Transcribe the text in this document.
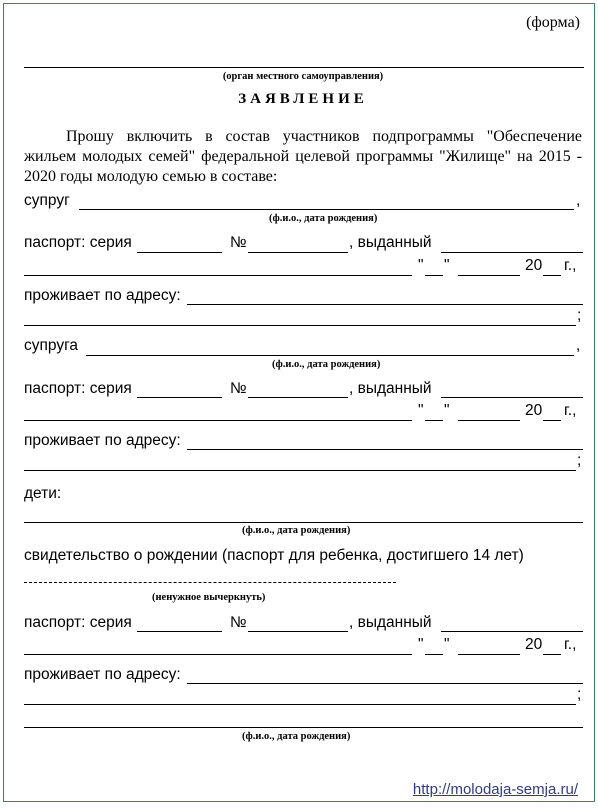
(форма)
(орган местного самоуправления)
ЗАЯВЛЕНИЕ
Прошу включить в состав участников подпрограммы "Обеспечение жильем молодых семей" федеральной целевой программы "Жилище" на 2015 - 2020 годы молодую семью в составе:
супруг	,
(ф.и.о., дата рождения)
паспорт: серия	№	, выданный
" "	20 г.,
проживает по адресу:
;
супруга	,
(ф.и.о., дата рождения)
паспорт: серия	№	, выданный
" "	20 г.,
проживает по адресу:
;
дети:
(ф.и.о., дата рождения)
свидетельство о рождении (паспорт для ребенка, достигшего 14 лет)
(ненужное вычеркнуть)
паспорт: серия	№	, выданный
" "	20 г.,
проживает по адресу:
;
(ф.и.о., дата рождения)
http://molodaja-semja.ru/
